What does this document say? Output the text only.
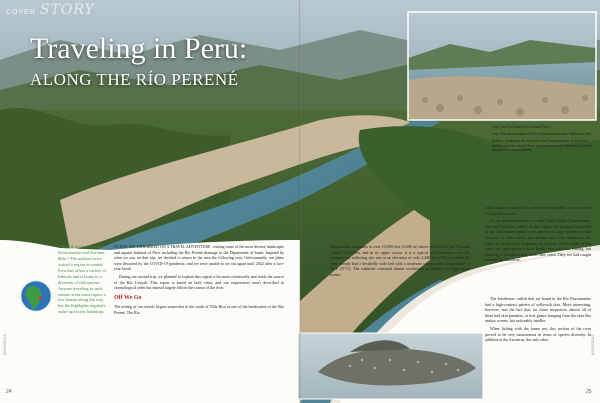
COVER STORY
Traveling in Peru:
ALONG THE RÍO PERENÉ

Left: The Río Perené in central Peru.

Top: The stony bottom of Río Paucartambo was difficult to fish.

Bottom: Ancistrus sp. from the Río Paucartambo. A lot of the catfish that we caught from this location were afflicted by white, thread-like ectoparasites.

article & images by Anja Kretschmann and Norman Behr • The authors twice visited a region in central Peru that offers a variety of habitats and is home to a diversity of fish species. Anyone traveling to such remote areas must expect a few bumps along the way, but the highlights regularly make up for the hardships.

IN 2019, WE EMBARKED ON A TRAVEL ADVENTURE, visiting some of the most diverse landscapes and aquatic habitats of Peru, including the Río Perené drainage in the Department of Junín. Inspired by what we saw on that trip, we decided to return to the area the following year. Unfortunately, our plans were thwarted by the COVID-19 pandemic, and we were unable to set out again until 2022 after a two-year break.

During our second trip, we planned to explore this region a bit more extensively and reach the source of the Río Ucayali. This report is based on both visits, and our experiences aren't described in chronological order but instead largely follow the course of the river.

Off We Go

The setting of our travels begins somewhat to the south of Villa Rica at one of the headwaters of the Río Perené. The Río

Paucartambo originates at over 13,000 feet (4,000 m) above sea level in the Peruvian Central Cordillera, and in its upper course, it is a typical cold mountain river. By contrast, our collecting site was at an elevation of only 2,440 feet (750 m), where the river already had a decidedly wide bed with a moderate current and a temperature of 70°F (21°C). The substrate consisted almost exclusively of medium to large round stones,

which made working with a seine net impossible, so we resorted to large throw nets.

To our great amazement, we didn't find a single Characiforms, but only Ancistrus catfish. In this region, the montane loricariids of the first-named genus were present in large numbers in the majority of other rivers and streams and were sometimes the fishes we found most frequently in our nets. On the bank of this river, we came across a local family who was also fishing, but planning to prepare a soup from their catch. They too had caught nothing but Ancistrus.

The bristlenose catfish that we found in the Río Paucartambo had a high-contrast pattern of yellowish dots. More interesting, however, was the fact that, on closer inspection, almost all of them had skin parasites, at first glance hanging from the skin like anchor worms, but noticeably smaller.

When fishing with the frame net, this section of the river proved to be very monotonous in terms of species diversity. In addition to the Ancistrus, the only other

AMAZONAS	AMAZONAS
24	25
